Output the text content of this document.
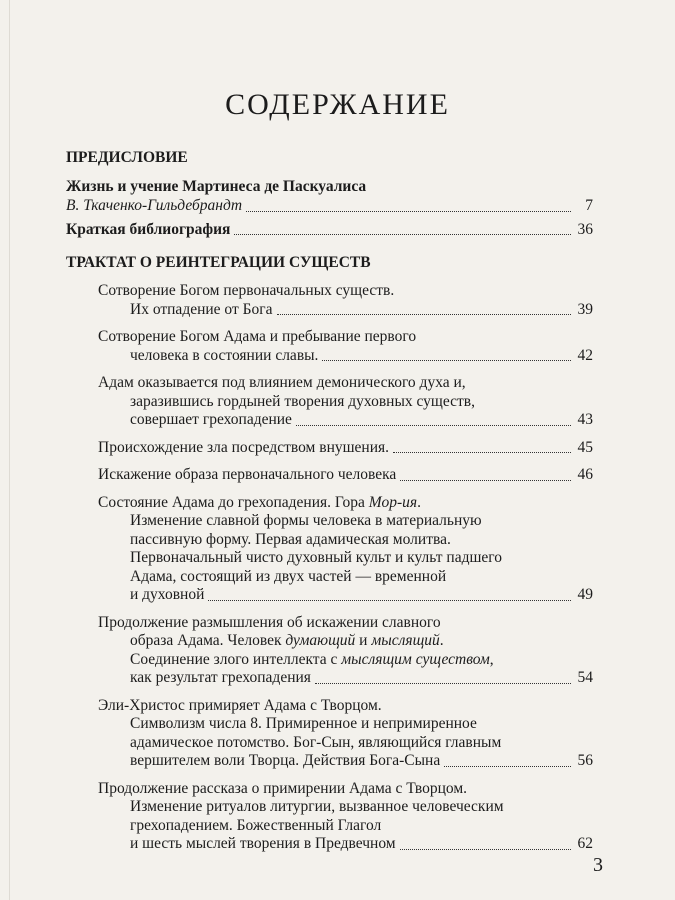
СОДЕРЖАНИЕ
ПРЕДИСЛОВИЕ
Жизнь и учение Мартинеса де Паскуалиса
В. Ткаченко-Гильдебрандт	7
Краткая библиография	36
ТРАКТАТ О РЕИНТЕГРАЦИИ СУЩЕСТВ
Сотворение Богом первоначальных существ.
Их отпадение от Бога	39
Сотворение Богом Адама и пребывание первого
человека в состоянии славы.	42
Адам оказывается под влиянием демонического духа и,
заразившись гордыней творения духовных существ,
совершает грехопадение	43
Происхождение зла посредством внушения.	45
Искажение образа первоначального человека	46
Состояние Адама до грехопадения. Гора Мор-ия.
Изменение славной формы человека в материальную
пассивную форму. Первая адамическая молитва.
Первоначальный чисто духовный культ и культ падшего
Адама, состоящий из двух частей — временной
и духовной	49
Продолжение размышления об искажении славного
образа Адама. Человек думающий и мыслящий.
Соединение злого интеллекта с мыслящим существом,
как результат грехопадения	54
Эли-Христос примиряет Адама с Творцом.
Символизм числа 8. Примиренное и непримиренное
адамическое потомство. Бог-Сын, являющийся главным
вершителем воли Творца. Действия Бога-Сына	56
Продолжение рассказа о примирении Адама с Творцом.
Изменение ритуалов литургии, вызванное человеческим
грехопадением. Божественный Глагол
и шесть мыслей творения в Предвечном	62
3
